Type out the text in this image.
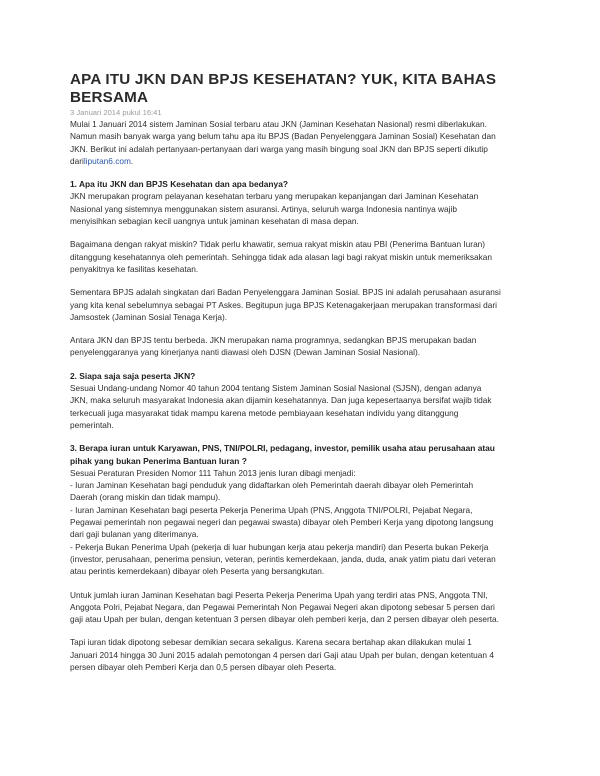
APA ITU JKN DAN BPJS KESEHATAN? YUK, KITA BAHAS BERSAMA
3 Januari 2014 pukul 16:41

Mulai 1 Januari 2014 sistem Jaminan Sosial terbaru atau JKN (Jaminan Kesehatan Nasional) resmi diberlakukan.

Namun masih banyak warga yang belum tahu apa itu BPJS (Badan Penyelenggara Jaminan Sosial) Kesehatan dan

JKN. Berikut ini adalah pertanyaan-pertanyaan dari warga yang masih bingung soal JKN dan BPJS seperti dikutip

dariliputan6.com.

1. Apa itu JKN dan BPJS Kesehatan dan apa bedanya?

JKN merupakan program pelayanan kesehatan terbaru yang merupakan kepanjangan dari Jaminan Kesehatan

Nasional yang sistemnya menggunakan sistem asuransi. Artinya, seluruh warga Indonesia nantinya wajib

menyisihkan sebagian kecil uangnya untuk jaminan kesehatan di masa depan.

Bagaimana dengan rakyat miskin? Tidak perlu khawatir, semua rakyat miskin atau PBI (Penerima Bantuan Iuran)

ditanggung kesehatannya oleh pemerintah. Sehingga tidak ada alasan lagi bagi rakyat miskin untuk memeriksakan

penyakitnya ke fasilitas kesehatan.

Sementara BPJS adalah singkatan dari Badan Penyelenggara Jaminan Sosial. BPJS ini adalah perusahaan asuransi

yang kita kenal sebelumnya sebagai PT Askes. Begitupun juga BPJS Ketenagakerjaan merupakan transformasi dari

Jamsostek (Jaminan Sosial Tenaga Kerja).

Antara JKN dan BPJS tentu berbeda. JKN merupakan nama programnya, sedangkan BPJS merupakan badan

penyelenggaranya yang kinerjanya nanti diawasi oleh DJSN (Dewan Jaminan Sosial Nasional).

2. Siapa saja saja peserta JKN?

Sesuai Undang-undang Nomor 40 tahun 2004 tentang Sistem Jaminan Sosial Nasional (SJSN), dengan adanya

JKN, maka seluruh masyarakat Indonesia akan dijamin kesehatannya. Dan juga kepesertaanya bersifat wajib tidak

terkecuali juga masyarakat tidak mampu karena metode pembiayaan kesehatan individu yang ditanggung

pemerintah.

3. Berapa iuran untuk Karyawan, PNS, TNI/POLRI, pedagang, investor, pemilik usaha atau perusahaan atau
pihak yang bukan Penerima Bantuan Iuran ?

Sesuai Peraturan Presiden Nomor 111 Tahun 2013 jenis Iuran dibagi menjadi:

- Iuran Jaminan Kesehatan bagi penduduk yang didaftarkan oleh Pemerintah daerah dibayar oleh Pemerintah

Daerah (orang miskin dan tidak mampu).

- Iuran Jaminan Kesehatan bagi peserta Pekerja Penerima Upah (PNS, Anggota TNI/POLRI, Pejabat Negara,

Pegawai pemerintah non pegawai negeri dan pegawai swasta) dibayar oleh Pemberi Kerja yang dipotong langsung

dari gaji bulanan yang diterimanya.

- Pekerja Bukan Penerima Upah (pekerja di luar hubungan kerja atau pekerja mandiri) dan Peserta bukan Pekerja

(investor, perusahaan, penerima pensiun, veteran, perintis kemerdekaan, janda, duda, anak yatim piatu dari veteran

atau perintis kemerdekaan) dibayar oleh Peserta yang bersangkutan.

Untuk jumlah iuran Jaminan Kesehatan bagi Peserta Pekerja Penerima Upah yang terdiri atas PNS, Anggota TNI,

Anggota Polri, Pejabat Negara, dan Pegawai Pemerintah Non Pegawai Negeri akan dipotong sebesar 5 persen dari

gaji atau Upah per bulan, dengan ketentuan 3 persen dibayar oleh pemberi kerja, dan 2 persen dibayar oleh peserta.

Tapi iuran tidak dipotong sebesar demikian secara sekaligus. Karena secara bertahap akan dilakukan mulai 1

Januari 2014 hingga 30 Juni 2015 adalah pemotongan 4 persen dari Gaji atau Upah per bulan, dengan ketentuan 4

persen dibayar oleh Pemberi Kerja dan 0,5 persen dibayar oleh Peserta.
